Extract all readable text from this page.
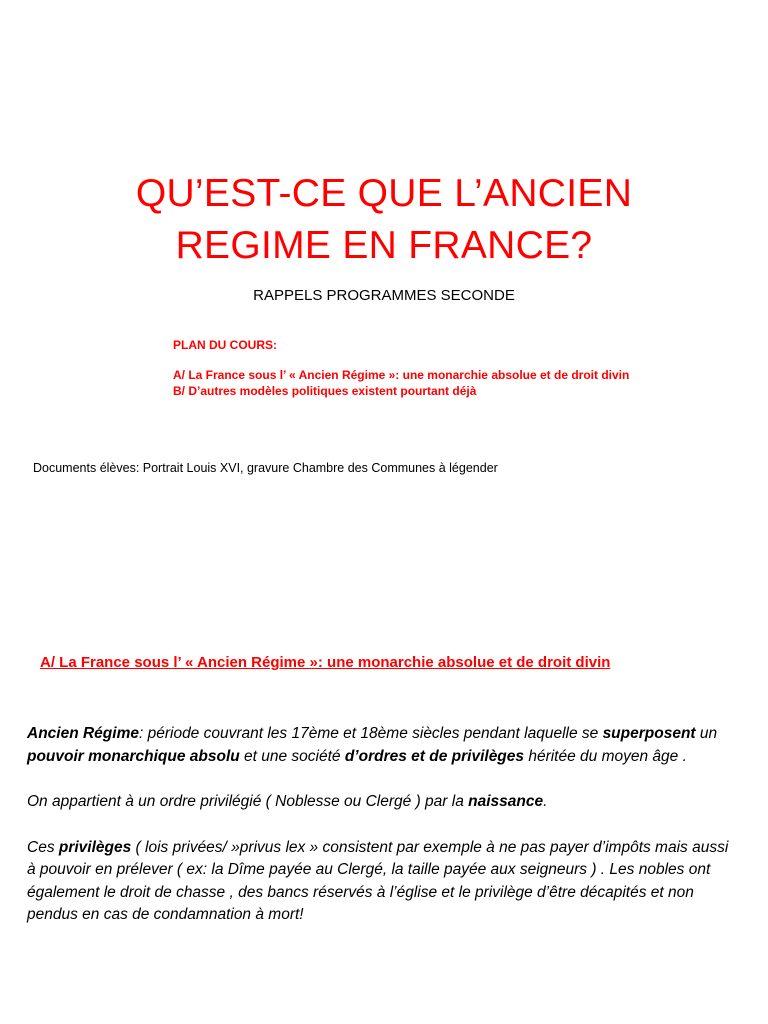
QU’EST-CE QUE L’ANCIEN
REGIME EN FRANCE?
RAPPELS PROGRAMMES SECONDE
PLAN DU COURS:
A/ La France sous l’ « Ancien Régime »: une monarchie absolue et de droit divin
B/ D’autres modèles politiques existent pourtant déjà
Documents élèves: Portrait Louis XVI, gravure Chambre des Communes à légender
A/ La France sous l’ « Ancien Régime »: une monarchie absolue et de droit divin

Ancien Régime: période couvrant les 17ème et 18ème siècles pendant laquelle se superposent un pouvoir monarchique absolu et une société d’ordres et de privilèges héritée du moyen âge .

On appartient à un ordre privilégié ( Noblesse ou Clergé ) par la naissance.

Ces privilèges ( lois privées/ »privus lex » consistent par exemple à ne pas payer d’impôts mais aussi à pouvoir en prélever ( ex: la Dîme payée au Clergé, la taille payée aux seigneurs ) . Les nobles ont également le droit de chasse , des bancs réservés à l’église et le privilège d’être décapités et non pendus en cas de condamnation à mort!
